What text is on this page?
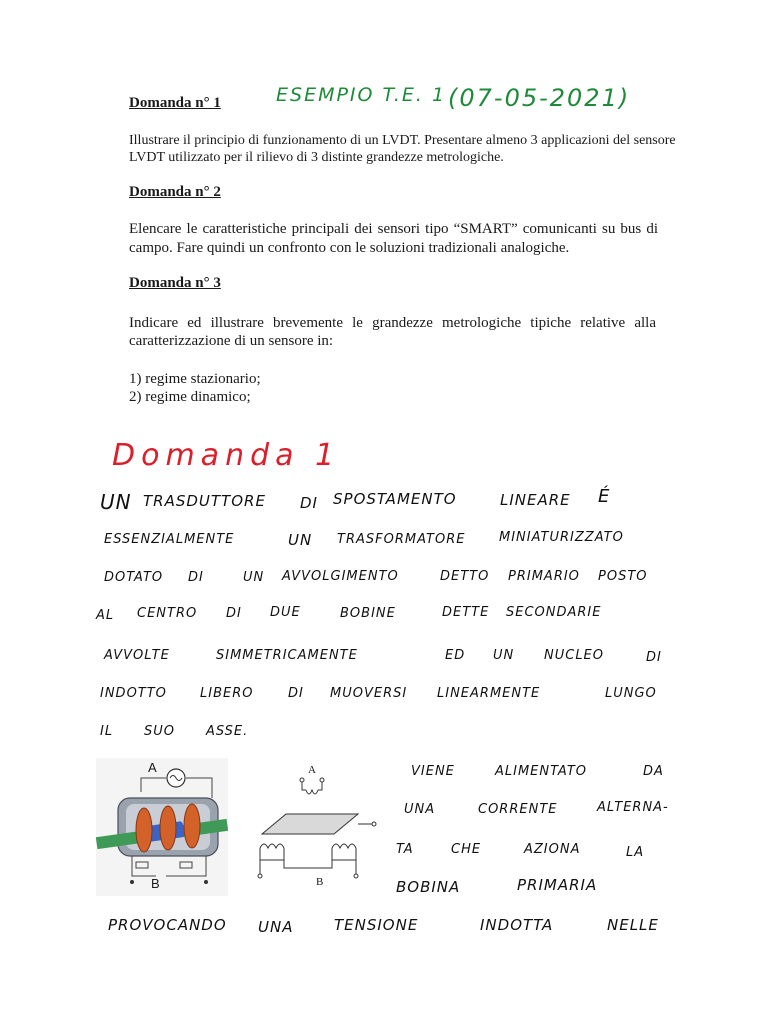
ESEMPIO T.E. 1 (07-05-2021)
Domanda n° 1
Illustrare il principio di funzionamento di un LVDT. Presentare almeno 3 applicazioni del sensore
LVDT utilizzato per il rilievo di 3 distinte grandezze metrologiche.
Domanda n° 2
Elencare le caratteristiche principali dei sensori tipo “SMART” comunicanti su bus di
campo. Fare quindi un confronto con le soluzioni tradizionali analogiche.
Domanda n° 3
Indicare ed illustrare brevemente le grandezze metrologiche tipiche relative alla
caratterizzazione di un sensore in:
1) regime stazionario;
2) regime dinamico;
Domanda 1
UN TRASDUTTORE DI SPOSTAMENTO	LINEARE É
ESSENZIALMENTE	UN TRASFORMATORE	MINIATURIZZATO
DOTATO DI	UN AVVOLGIMENTO	DETTO PRIMARIO POSTO
AL CENTRO DI DUE	BOBINE	DETTE SECONDARIE
AVVOLTE	SIMMETRICAMENTE	ED UN NUCLEO	DI
INDOTTO	LIBERO	DI MUOVERSI LINEARMENTE	LUNGO
IL SUO ASSE.
VIENE	ALIMENTATO	DA
UNA	CORRENTE	ALTERNA-
TA	CHE	AZIONA	LA
BOBINA	PRIMARIA
PROVOCANDO UNA	TENSIONE	INDOTTA	NELLE
A
B
A
B
